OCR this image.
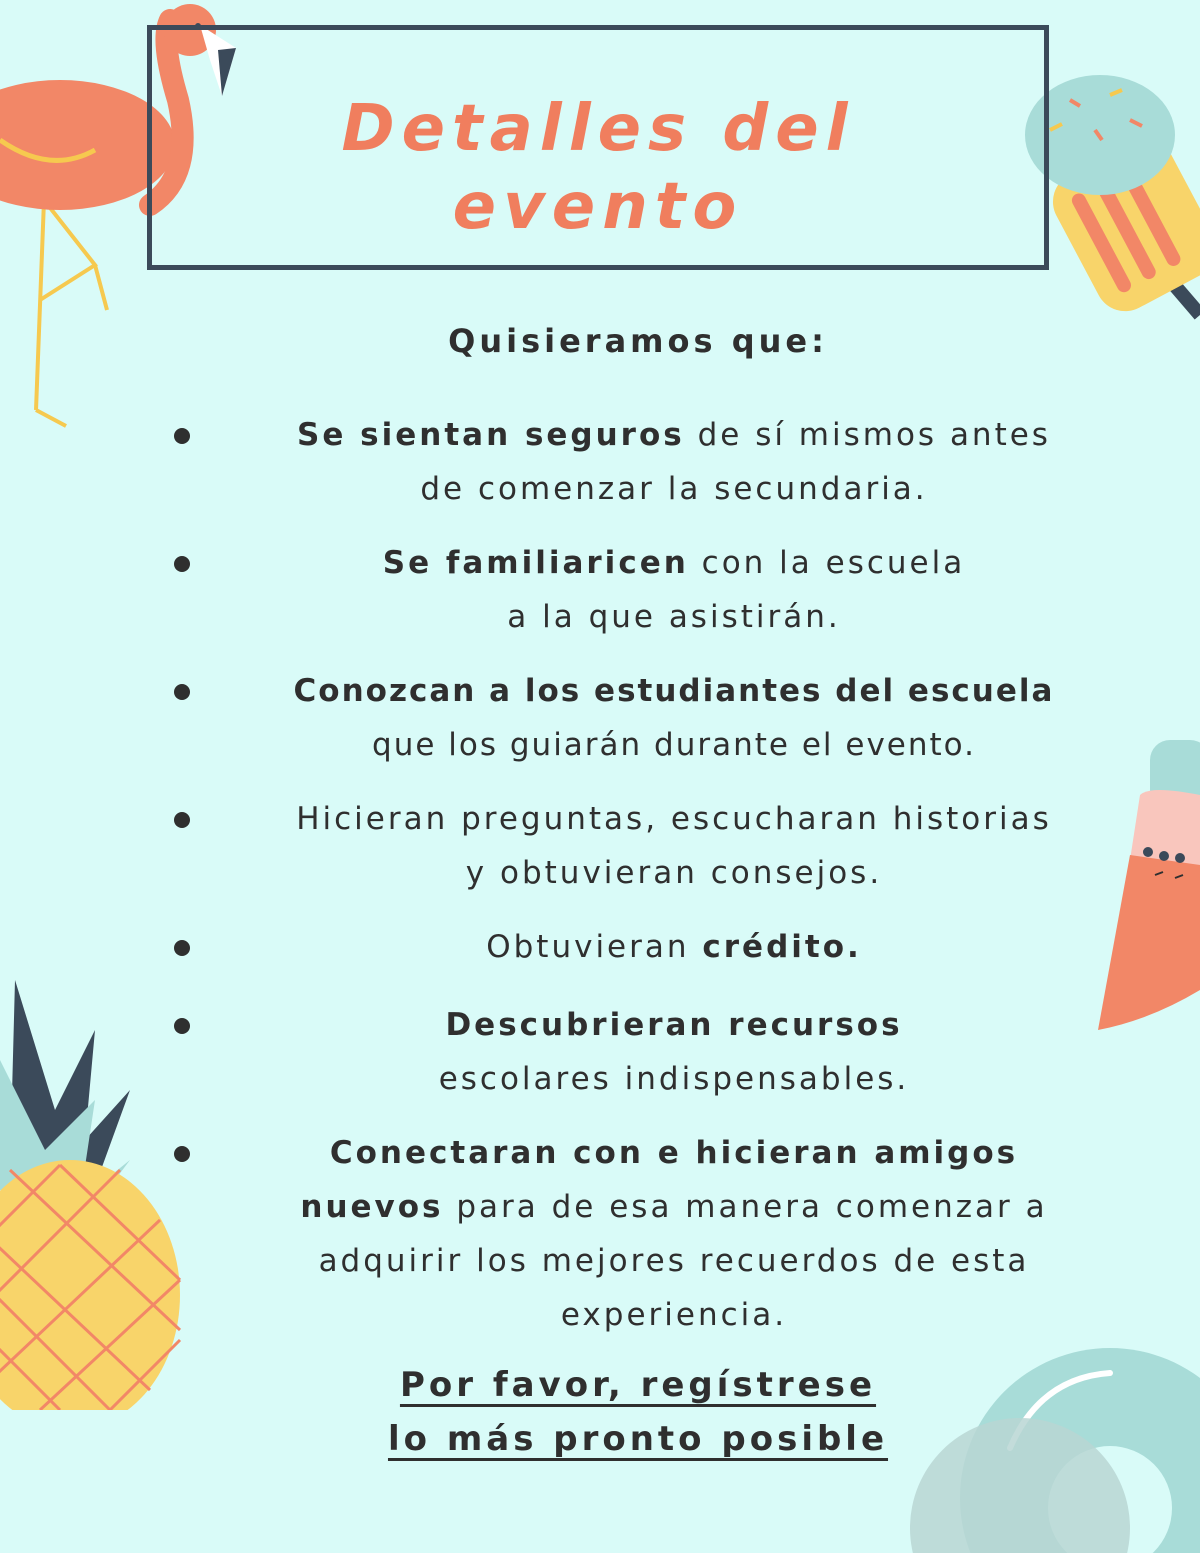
Detalles del
evento

Quisieramos que:

Se sientan seguros de sí mismos antes
de comenzar la secundaria.
Se familiaricen con la escuela
a la que asistirán.
Conozcan a los estudiantes del escuela
que los guiarán durante el evento.
Hicieran preguntas, escucharan historias
y obtuvieran consejos.
Obtuvieran crédito.
Descubrieran recursos
escolares indispensables.
Conectaran con e hicieran amigos
nuevos para de esa manera comenzar a
adquirir los mejores recuerdos de esta
experiencia.
Por favor, regístrese
lo más pronto posible
